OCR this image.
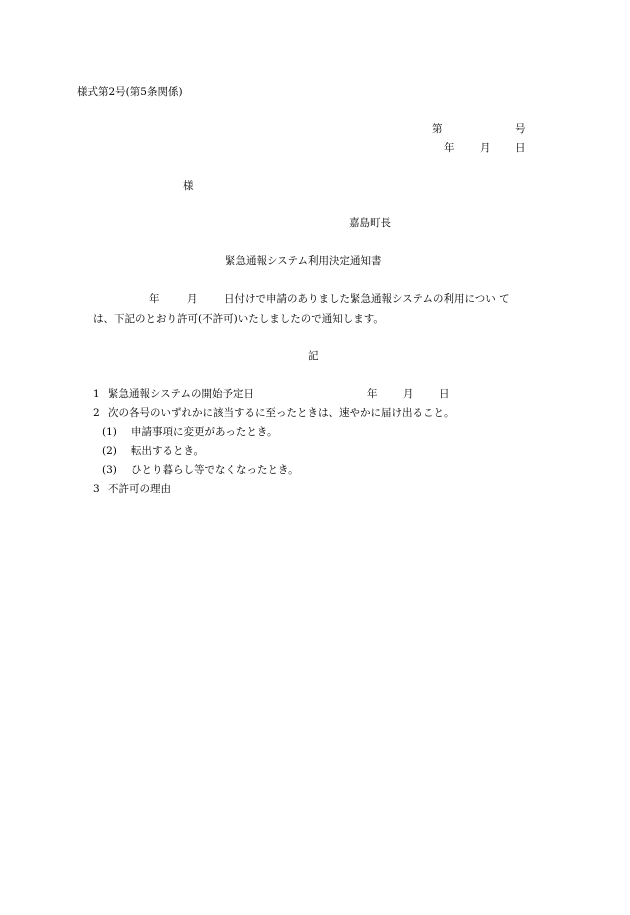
様式第2号(第5条関係)
第	号
年 月 日
様
嘉島町長
緊急通報システム利用決定通知書
年	月	日付けで申請のありました緊急通報システムの利用につい て
は、下記のとおり許可(不許可)いたしましたので通知します。
記
1 緊急通報システムの開始予定日	年 月 日
2 次の各号のいずれかに該当するに至ったときは、速やかに届け出ること。
(1) 申請事項に変更があったとき。
(2) 転出するとき。
(3) ひとり暮らし等でなくなったとき。
3 不許可の理由
